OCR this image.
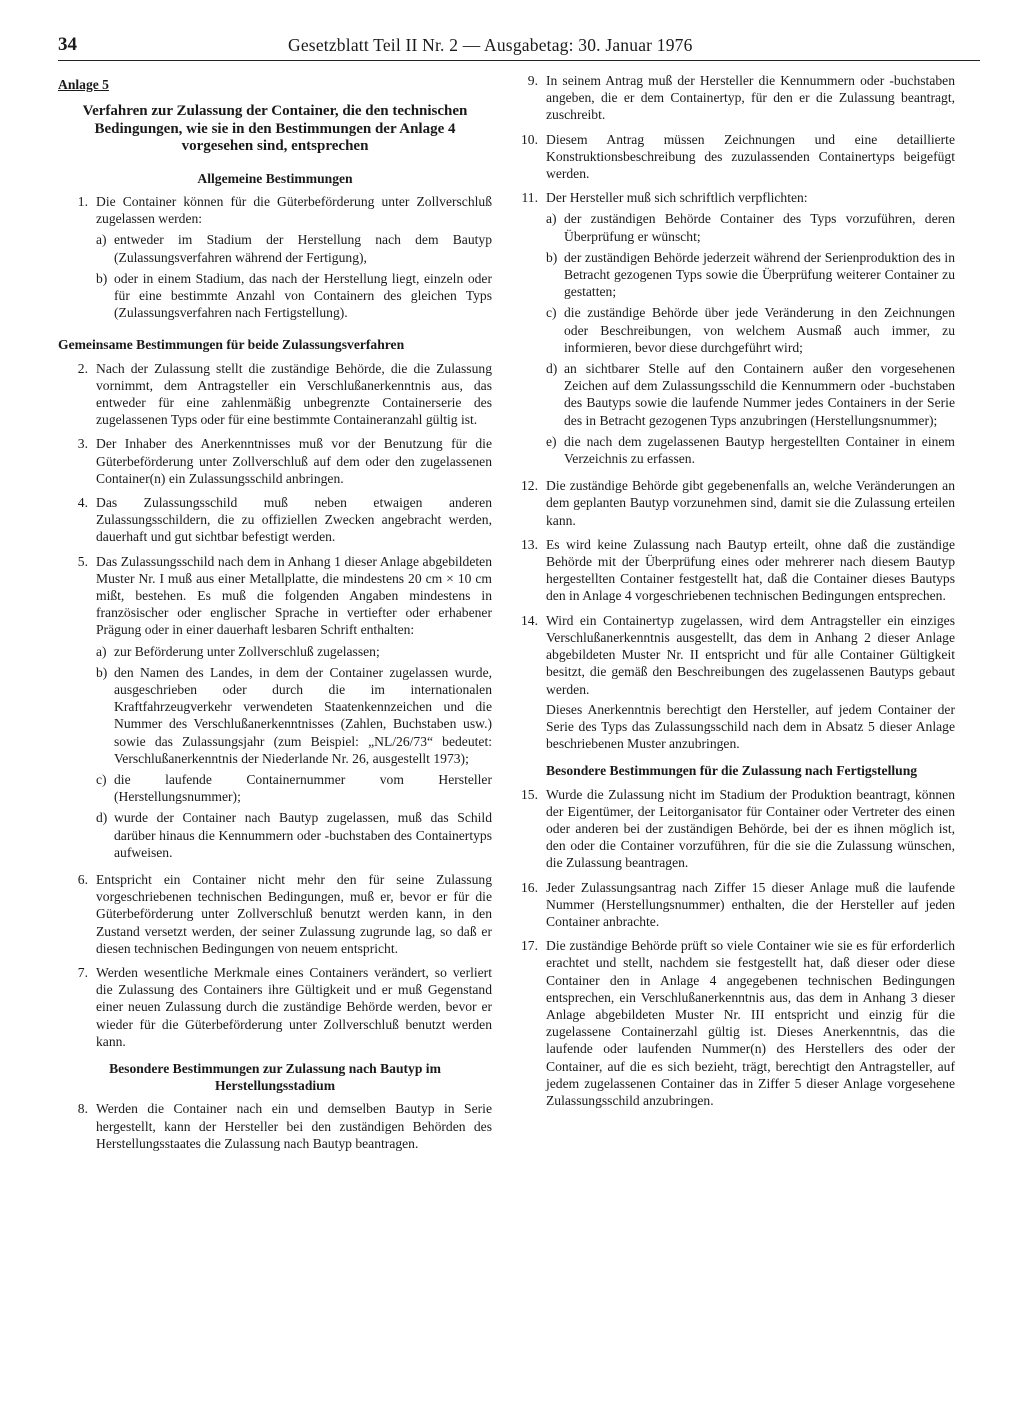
34	Gesetzblatt Teil II Nr. 2 — Ausgabetag: 30. Januar 1976

Anlage 5

Verfahren zur Zulassung der Container, die den technischen Bedingungen, wie sie in den Bestimmungen der Anlage 4 vorgesehen sind, entsprechen

Allgemeine Bestimmungen

1. Die Container können für die Güterbeförderung unter Zollverschluß zugelassen werden:

a) entweder im Stadium der Herstellung nach dem Bautyp (Zulassungsverfahren während der Fertigung),
b) oder in einem Stadium, das nach der Herstellung liegt, einzeln oder für eine bestimmte Anzahl von Containern des gleichen Typs (Zulassungsverfahren nach Fertigstellung).

Gemeinsame Bestimmungen für beide Zulassungsverfahren

2. Nach der Zulassung stellt die zuständige Behörde, die die Zulassung vornimmt, dem Antragsteller ein Verschlußanerkenntnis aus, das entweder für eine zahlenmäßig unbegrenzte Containerserie des zugelassenen Typs oder für eine bestimmte Containeranzahl gültig ist.

3. Der Inhaber des Anerkenntnisses muß vor der Benutzung für die Güterbeförderung unter Zollverschluß auf dem oder den zugelassenen Container(n) ein Zulassungsschild anbringen.

4. Das Zulassungsschild muß neben etwaigen anderen Zulassungsschildern, die zu offiziellen Zwecken angebracht werden, dauerhaft und gut sichtbar befestigt werden.

5. Das Zulassungsschild nach dem in Anhang 1 dieser Anlage abgebildeten Muster Nr. I muß aus einer Metallplatte, die mindestens 20 cm × 10 cm mißt, bestehen. Es muß die folgenden Angaben mindestens in französischer oder englischer Sprache in vertiefter oder erhabener Prägung oder in einer dauerhaft lesbaren Schrift enthalten:

a) zur Beförderung unter Zollverschluß zugelassen;
b) den Namen des Landes, in dem der Container zugelassen wurde, ausgeschrieben oder durch die im internationalen Kraftfahrzeugverkehr verwendeten Staatenkennzeichen und die Nummer des Verschlußanerkenntnisses (Zahlen, Buchstaben usw.) sowie das Zulassungsjahr (zum Beispiel: „NL/26/73“ bedeutet: Verschlußanerkenntnis der Niederlande Nr. 26, ausgestellt 1973);
c) die laufende Containernummer vom Hersteller (Herstellungsnummer);
d) wurde der Container nach Bautyp zugelassen, muß das Schild darüber hinaus die Kennummern oder -buchstaben des Containertyps aufweisen.
6. Entspricht ein Container nicht mehr den für seine Zulassung vorgeschriebenen technischen Bedingungen, muß er, bevor er für die Güterbeförderung unter Zollverschluß benutzt werden kann, in den Zustand versetzt werden, der seiner Zulassung zugrunde lag, so daß er diesen technischen Bedingungen von neuem entspricht.

7. Werden wesentliche Merkmale eines Containers verändert, so verliert die Zulassung des Containers ihre Gültigkeit und er muß Gegenstand einer neuen Zulassung durch die zuständige Behörde werden, bevor er wieder für die Güterbeförderung unter Zollverschluß benutzt werden kann.

Besondere Bestimmungen zur Zulassung nach Bautyp im Herstellungsstadium

8. Werden die Container nach ein und demselben Bautyp in Serie hergestellt, kann der Hersteller bei den zuständigen Behörden des Herstellungsstaates die Zulassung nach Bautyp beantragen.

9. In seinem Antrag muß der Hersteller die Kennummern oder -buchstaben angeben, die er dem Containertyp, für den er die Zulassung beantragt, zuschreibt.

10. Diesem Antrag müssen Zeichnungen und eine detaillierte Konstruktionsbeschreibung des zuzulassenden Containertyps beigefügt werden.

11. Der Hersteller muß sich schriftlich verpflichten:

a) der zuständigen Behörde Container des Typs vorzuführen, deren Überprüfung er wünscht;
b) der zuständigen Behörde jederzeit während der Serienproduktion des in Betracht gezogenen Typs sowie die Überprüfung weiterer Container zu gestatten;
c) die zuständige Behörde über jede Veränderung in den Zeichnungen oder Beschreibungen, von welchem Ausmaß auch immer, zu informieren, bevor diese durchgeführt wird;
d) an sichtbarer Stelle auf den Containern außer den vorgesehenen Zeichen auf dem Zulassungsschild die Kennummern oder -buchstaben des Bautyps sowie die laufende Nummer jedes Containers in der Serie des in Betracht gezogenen Typs anzubringen (Herstellungsnummer);
e) die nach dem zugelassenen Bautyp hergestellten Container in einem Verzeichnis zu erfassen.
12. Die zuständige Behörde gibt gegebenenfalls an, welche Veränderungen an dem geplanten Bautyp vorzunehmen sind, damit sie die Zulassung erteilen kann.

13. Es wird keine Zulassung nach Bautyp erteilt, ohne daß die zuständige Behörde mit der Überprüfung eines oder mehrerer nach diesem Bautyp hergestellten Container festgestellt hat, daß die Container dieses Bautyps den in Anlage 4 vorgeschriebenen technischen Bedingungen entsprechen.

14. Wird ein Containertyp zugelassen, wird dem Antragsteller ein einziges Verschlußanerkenntnis ausgestellt, das dem in Anhang 2 dieser Anlage abgebildeten Muster Nr. II entspricht und für alle Container Gültigkeit besitzt, die gemäß den Beschreibungen des zugelassenen Bautyps gebaut werden.

Dieses Anerkenntnis berechtigt den Hersteller, auf jedem Container der Serie des Typs das Zulassungsschild nach dem in Absatz 5 dieser Anlage beschriebenen Muster anzubringen.

Besondere Bestimmungen für die Zulassung nach Fertigstellung

15. Wurde die Zulassung nicht im Stadium der Produktion beantragt, können der Eigentümer, der Leitorganisator für Container oder Vertreter des einen oder anderen bei der zuständigen Behörde, bei der es ihnen möglich ist, den oder die Container vorzuführen, für die sie die Zulassung wünschen, die Zulassung beantragen.

16. Jeder Zulassungsantrag nach Ziffer 15 dieser Anlage muß die laufende Nummer (Herstellungsnummer) enthalten, die der Hersteller auf jeden Container anbrachte.

17. Die zuständige Behörde prüft so viele Container wie sie es für erforderlich erachtet und stellt, nachdem sie festgestellt hat, daß dieser oder diese Container den in Anlage 4 angegebenen technischen Bedingungen entsprechen, ein Verschlußanerkenntnis aus, das dem in Anhang 3 dieser Anlage abgebildeten Muster Nr. III entspricht und einzig für die zugelassene Containerzahl gültig ist. Dieses Anerkenntnis, das die laufende oder laufenden Nummer(n) des Herstellers des oder der Container, auf die es sich bezieht, trägt, berechtigt den Antragsteller, auf jedem zugelassenen Container das in Ziffer 5 dieser Anlage vorgesehene Zulassungsschild anzubringen.
